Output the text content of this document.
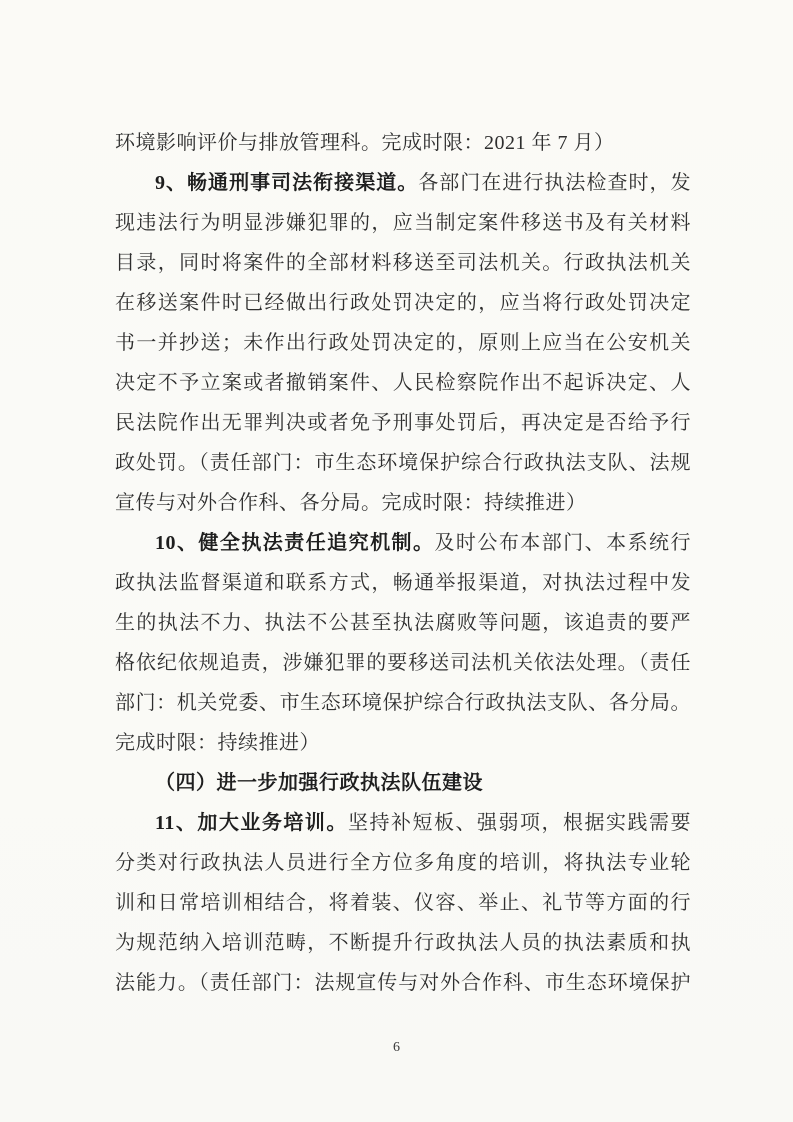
环境影响评价与排放管理科。完成时限：2021 年 7 月）
9、畅通刑事司法衔接渠道。各部门在进行执法检查时，发
现违法行为明显涉嫌犯罪的，应当制定案件移送书及有关材料
目录，同时将案件的全部材料移送至司法机关。行政执法机关
在移送案件时已经做出行政处罚决定的，应当将行政处罚决定
书一并抄送；未作出行政处罚决定的，原则上应当在公安机关
决定不予立案或者撤销案件、人民检察院作出不起诉决定、人
民法院作出无罪判决或者免予刑事处罚后，再决定是否给予行
政处罚。（责任部门：市生态环境保护综合行政执法支队、法规
宣传与对外合作科、各分局。完成时限：持续推进）
10、健全执法责任追究机制。及时公布本部门、本系统行
政执法监督渠道和联系方式，畅通举报渠道，对执法过程中发
生的执法不力、执法不公甚至执法腐败等问题，该追责的要严
格依纪依规追责，涉嫌犯罪的要移送司法机关依法处理。（责任
部门：机关党委、市生态环境保护综合行政执法支队、各分局。
完成时限：持续推进）
（四）进一步加强行政执法队伍建设
11、加大业务培训。坚持补短板、强弱项，根据实践需要
分类对行政执法人员进行全方位多角度的培训，将执法专业轮
训和日常培训相结合，将着装、仪容、举止、礼节等方面的行
为规范纳入培训范畴，不断提升行政执法人员的执法素质和执
法能力。（责任部门：法规宣传与对外合作科、市生态环境保护
6
